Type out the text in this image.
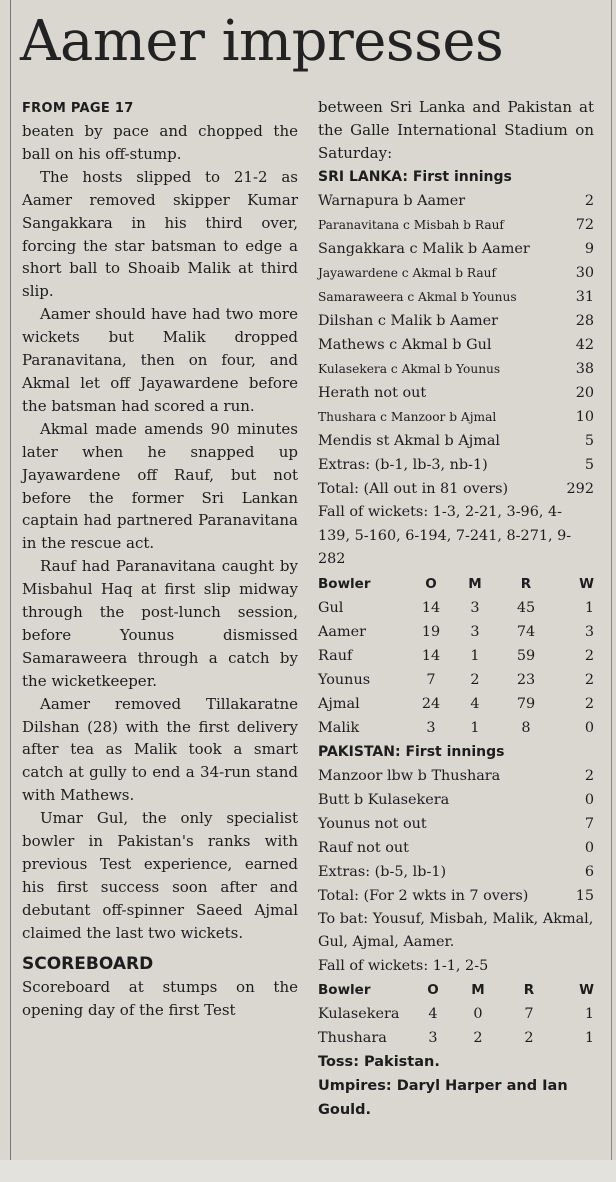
Aamer impresses
FROM PAGE 17

beaten by pace and chopped the ball on his off-stump.

The hosts slipped to 21-2 as Aamer removed skipper Kumar Sangakkara in his third over, forcing the star batsman to edge a short ball to Shoaib Malik at third slip.

Aamer should have had two more wickets but Malik dropped Paranavitana, then on four, and Akmal let off Jayawardene before the batsman had scored a run.

Akmal made amends 90 minutes later when he snapped up Jayawardene off Rauf, but not before the former Sri Lankan captain had partnered Paranavitana in the rescue act.

Rauf had Paranavitana caught by Misbahul Haq at first slip midway through the post-lunch session, before Younus dismissed Samaraweera through a catch by the wicketkeeper.

Aamer removed Tillakaratne Dilshan (28) with the first delivery after tea as Malik took a smart catch at gully to end a 34-run stand with Mathews.

Umar Gul, the only specialist bowler in Pakistan's ranks with previous Test experience, earned his first success soon after and debutant off-spinner Saeed Ajmal claimed the last two wickets.

SCOREBOARD

Scoreboard at stumps on the opening day of the first Test

between Sri Lanka and Pakistan at the Galle International Stadium on Saturday:

SRI LANKA: First innings
Warnapura b Aamer	2
Paranavitana c Misbah b Rauf	72
Sangakkara c Malik b Aamer	9
Jayawardene c Akmal b Rauf	30
Samaraweera c Akmal b Younus	31
Dilshan c Malik b Aamer	28
Mathews c Akmal b Gul	42
Kulasekera c Akmal b Younus	38
Herath not out	20
Thushara c Manzoor b Ajmal	10
Mendis st Akmal b Ajmal	5
Extras: (b-1, lb-3, nb-1)	5
Total: (All out in 81 overs)	292

Fall of wickets: 1-3, 2-21, 3-96, 4-139, 5-160, 6-194, 7-241, 8-271, 9-282

Bowler	O	M	R	W
Gul	14	3	45	1
Aamer	19	3	74	3
Rauf	14	1	59	2
Younus	7	2	23	2
Ajmal	24	4	79	2
Malik	3	1	8	0
PAKISTAN: First innings
Manzoor lbw b Thushara	2
Butt b Kulasekera	0
Younus not out	7
Rauf not out	0
Extras: (b-5, lb-1)	6
Total: (For 2 wkts in 7 overs)	15

To bat: Yousuf, Misbah, Malik, Akmal, Gul, Ajmal, Aamer.

Fall of wickets: 1-1, 2-5

Bowler	O	M	R	W
Kulasekera	4	0	7	1
Thushara	3	2	2	1

Toss: Pakistan.

Umpires: Daryl Harper and Ian Gould.
